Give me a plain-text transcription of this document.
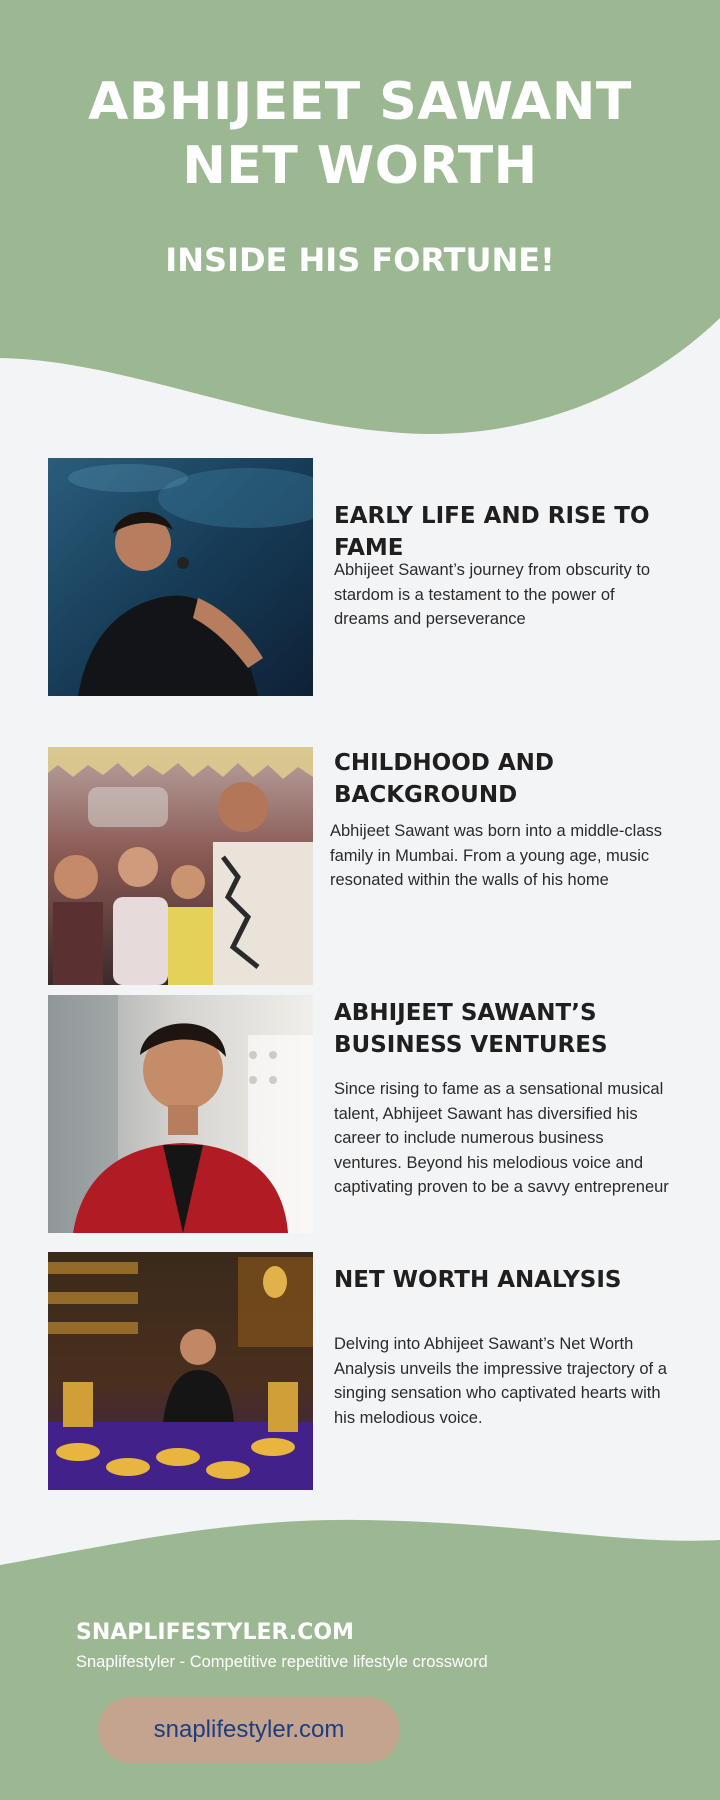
ABHIJEET SAWANT
NET WORTH
INSIDE HIS FORTUNE!
EARLY LIFE AND RISE TO FAME

Abhijeet Sawant’s journey from obscurity to stardom is a testament to the power of dreams and perseverance

CHILDHOOD AND BACKGROUND

Abhijeet Sawant was born into a middle-class family in Mumbai. From a young age, music resonated within the walls of his home

ABHIJEET SAWANT’S BUSINESS VENTURES

Since rising to fame as a sensational musical talent, Abhijeet Sawant has diversified his career to include numerous business ventures. Beyond his melodious voice and captivating proven to be a savvy entrepreneur

NET WORTH ANALYSIS

Delving into Abhijeet Sawant’s Net Worth Analysis unveils the impressive trajectory of a singing sensation who captivated hearts with his melodious voice.

SNAPLIFESTYLER.COM

Snaplifestyler - Competitive repetitive lifestyle crossword

snaplifestyler.com
